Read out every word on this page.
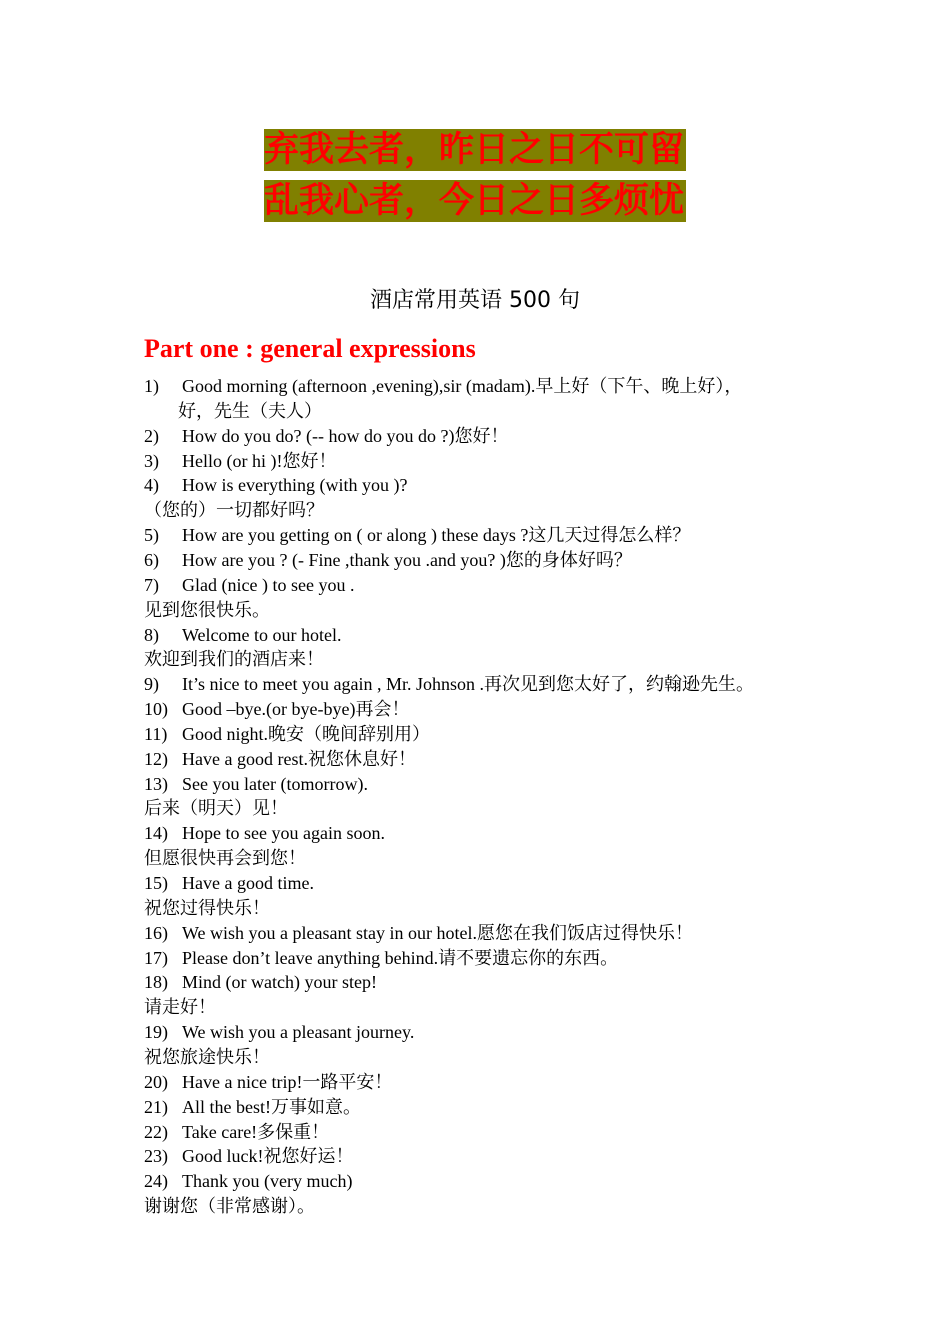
弃我去者，昨日之日不可留
乱我心者，今日之日多烦忧
酒店常用英语 500 句
Part one : general expressions
1) Good morning (afternoon ,evening),sir (madam).早上好（下午、晚上好），
好，先生（夫人）
2) How do you do? (-- how do you do ?)您好！
3) Hello (or hi )!您好！
4) How is everything (with you )?
（您的）一切都好吗？
5) How are you getting on ( or along ) these days ?这几天过得怎么样？
6) How are you ? (- Fine ,thank you .and you? )您的身体好吗？
7) Glad (nice ) to see you .
见到您很快乐。
8) Welcome to our hotel.
欢迎到我们的酒店来！
9) It’s nice to meet you again , Mr. Johnson .再次见到您太好了，约翰逊先生。
10) Good –bye.(or bye-bye)再会！
11) Good night.晚安（晚间辞别用）
12) Have a good rest.祝您休息好！
13) See you later (tomorrow).
后来（明天）见！
14) Hope to see you again soon.
但愿很快再会到您！
15) Have a good time.
祝您过得快乐！
16) We wish you a pleasant stay in our hotel.愿您在我们饭店过得快乐！
17) Please don’t leave anything behind.请不要遗忘你的东西。
18) Mind (or watch) your step!
请走好！
19) We wish you a pleasant journey.
祝您旅途快乐！
20) Have a nice trip!一路平安！
21) All the best!万事如意。
22) Take care!多保重！
23) Good luck!祝您好运！
24) Thank you (very much)
谢谢您（非常感谢）。
